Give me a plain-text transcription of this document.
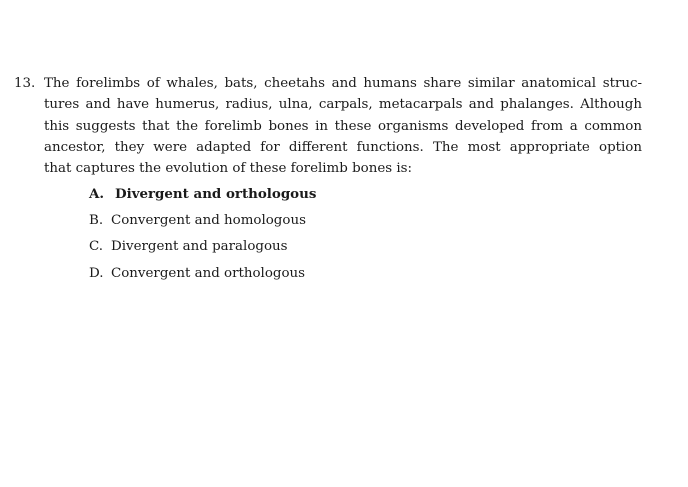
13. The forelimbs of whales, bats, cheetahs and humans share similar anatomical struc-
tures and have humerus, radius, ulna, carpals, metacarpals and phalanges. Although
this suggests that the forelimb bones in these organisms developed from a common
ancestor, they were adapted for different functions. The most appropriate option
that captures the evolution of these forelimb bones is:
A. Divergent and orthologous
B. Convergent and homologous
C. Divergent and paralogous
D. Convergent and orthologous
